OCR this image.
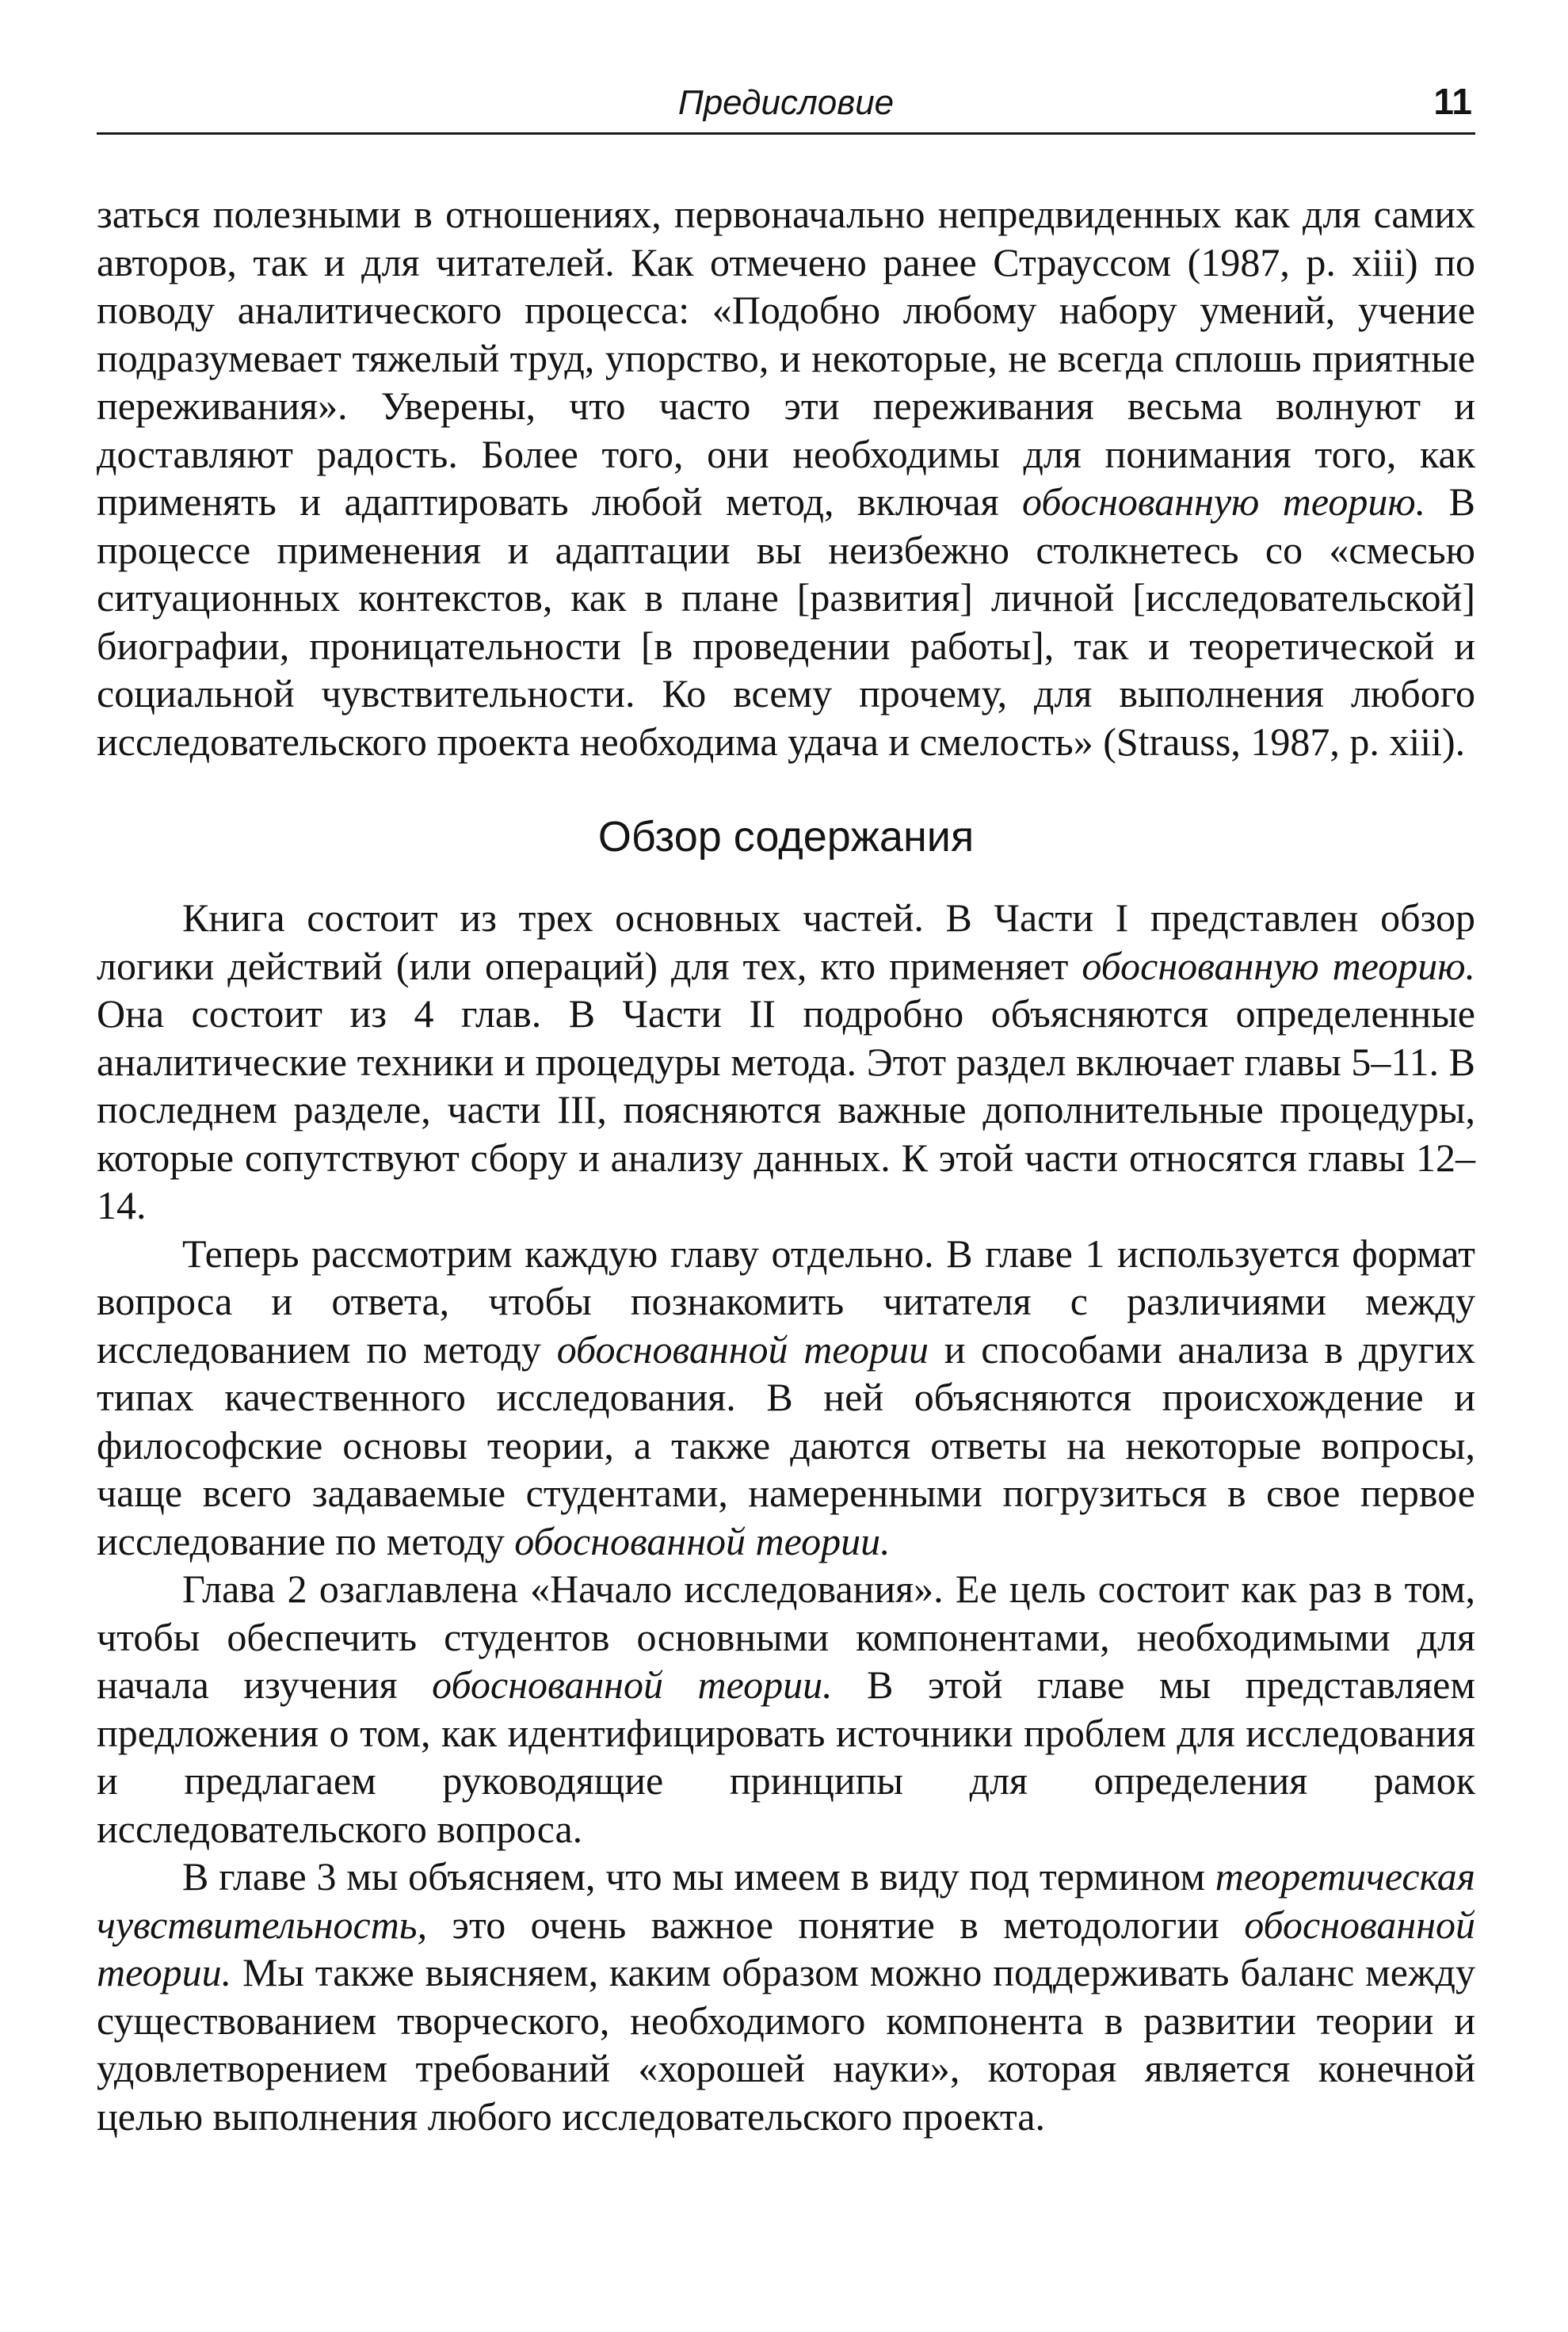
Предисловие	11

заться полезными в отношениях, первоначально непредвиденных как для самих авторов, так и для читателей. Как отмечено ранее Страуссом (1987, p. xiii) по поводу аналитического процесса: «Подобно любому набору умений, учение подразумевает тяжелый труд, упорство, и некоторые, не всегда сплошь приятные переживания». Уверены, что часто эти переживания весьма волнуют и доставляют радость. Более того, они необходимы для понимания того, как применять и адаптировать любой метод, включая обоснованную теорию. В процессе применения и адаптации вы неизбежно столкнетесь со «смесью ситуационных контекстов, как в плане [развития] личной [исследовательской] биографии, проницательности [в проведении работы], так и теоретической и социальной чувствительности. Ко всему прочему, для выполнения любого исследовательского проекта необходима удача и смелость» (Strauss, 1987, p. xiii).

Обзор содержания

Книга состоит из трех основных частей. В Части I представлен обзор логики действий (или операций) для тех, кто применяет обоснованную теорию. Она состоит из 4 глав. В Части II подробно объясняются определенные аналитические техники и процедуры метода. Этот раздел включает главы 5–11. В последнем разделе, части III, поясняются важные дополнительные процедуры, которые сопутствуют сбору и анализу данных. К этой части относятся главы 12–14.

Теперь рассмотрим каждую главу отдельно. В главе 1 используется формат вопроса и ответа, чтобы познакомить читателя с различиями между исследованием по методу обоснованной теории и способами анализа в других типах качественного исследования. В ней объясняются происхождение и философские основы теории, а также даются ответы на некоторые вопросы, чаще всего задаваемые студентами, намеренными погрузиться в свое первое исследование по методу обоснованной теории.

Глава 2 озаглавлена «Начало исследования». Ее цель состоит как раз в том, чтобы обеспечить студентов основными компонентами, необходимыми для начала изучения обоснованной теории. В этой главе мы представляем предложения о том, как идентифицировать источники проблем для исследования и предлагаем руководящие принципы для определения рамок исследовательского вопроса.

В главе 3 мы объясняем, что мы имеем в виду под термином теоретическая чувствительность, это очень важное понятие в методологии обоснованной теории. Мы также выясняем, каким образом можно поддерживать баланс между существованием творческого, необходимого компонента в развитии теории и удовлетворением требований «хорошей науки», которая является конечной целью выполнения любого исследовательского проекта.
